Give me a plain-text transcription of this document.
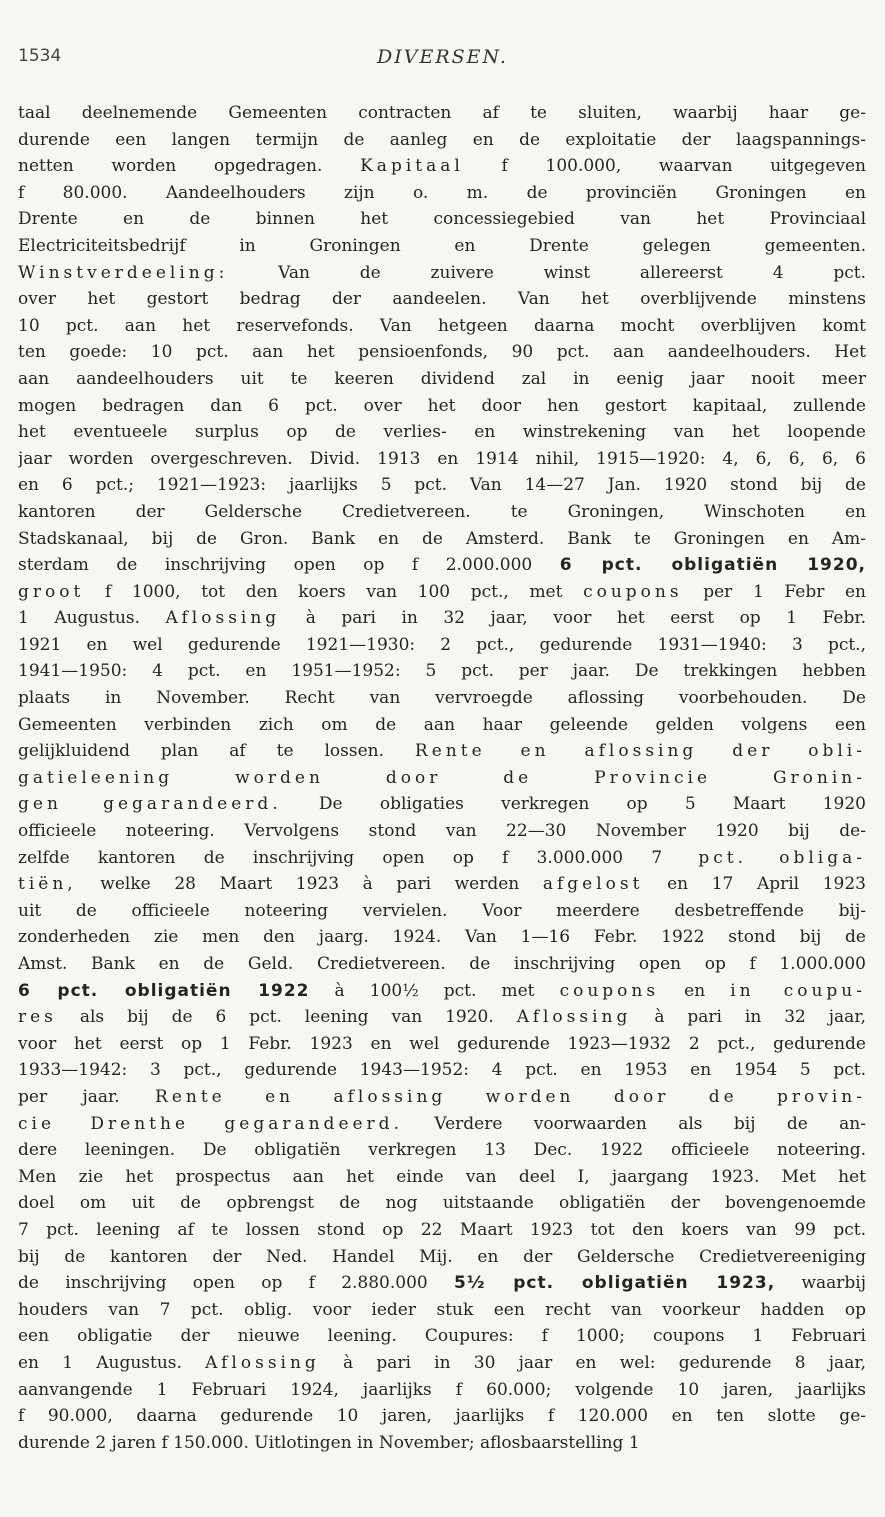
1534	DIVERSEN.
taal deelnemende Gemeenten contracten af te sluiten, waarbij haar ge-
durende een langen termijn de aanleg en de exploitatie der laagspannings-
netten worden opgedragen. Kapitaal f 100.000, waarvan uitgegeven
f 80.000. Aandeelhouders zijn o. m. de provinciën Groningen en
Drente en de binnen het concessiegebied van het Provinciaal
Electriciteitsbedrijf in Groningen en Drente gelegen gemeenten.
Winstverdeeling: Van de zuivere winst allereerst 4 pct.
over het gestort bedrag der aandeelen. Van het overblijvende minstens
10 pct. aan het reservefonds. Van hetgeen daarna mocht overblijven komt
ten goede: 10 pct. aan het pensioenfonds, 90 pct. aan aandeelhouders. Het
aan aandeelhouders uit te keeren dividend zal in eenig jaar nooit meer
mogen bedragen dan 6 pct. over het door hen gestort kapitaal, zullende
het eventueele surplus op de verlies- en winstrekening van het loopende
jaar worden overgeschreven. Divid. 1913 en 1914 nihil, 1915—1920: 4, 6, 6, 6, 6
en 6 pct.; 1921—1923: jaarlijks 5 pct. Van 14—27 Jan. 1920 stond bij de
kantoren der Geldersche Credietvereen. te Groningen, Winschoten en
Stadskanaal, bij de Gron. Bank en de Amsterd. Bank te Groningen en Am-
sterdam de inschrijving open op f 2.000.000 6 pct. obligatiën 1920,
groot f 1000, tot den koers van 100 pct., met coupons per 1 Febr en
1 Augustus. Aflossing à pari in 32 jaar, voor het eerst op 1 Febr.
1921 en wel gedurende 1921—1930: 2 pct., gedurende 1931—1940: 3 pct.,
1941—1950: 4 pct. en 1951—1952: 5 pct. per jaar. De trekkingen hebben
plaats in November. Recht van vervroegde aflossing voorbehouden. De
Gemeenten verbinden zich om de aan haar geleende gelden volgens een
gelijkluidend plan af te lossen. Rente en aflossing der obli-
gatieleening worden door de Provincie Gronin-
gen gegarandeerd. De obligaties verkregen op 5 Maart 1920
officieele noteering. Vervolgens stond van 22—30 November 1920 bij de-
zelfde kantoren de inschrijving open op f 3.000.000 7 pct. obliga-
tiën, welke 28 Maart 1923 à pari werden afgelost en 17 April 1923
uit de officieele noteering vervielen. Voor meerdere desbetreffende bij-
zonderheden zie men den jaarg. 1924. Van 1—16 Febr. 1922 stond bij de
Amst. Bank en de Geld. Credietvereen. de inschrijving open op f 1.000.000
6 pct. obligatiën 1922 à 100½ pct. met coupons en in coupu-
res als bij de 6 pct. leening van 1920. Aflossing à pari in 32 jaar,
voor het eerst op 1 Febr. 1923 en wel gedurende 1923—1932 2 pct., gedurende
1933—1942: 3 pct., gedurende 1943—1952: 4 pct. en 1953 en 1954 5 pct.
per jaar. Rente en aflossing worden door de provin-
cie Drenthe gegarandeerd. Verdere voorwaarden als bij de an-
dere leeningen. De obligatiën verkregen 13 Dec. 1922 officieele noteering.
Men zie het prospectus aan het einde van deel I, jaargang 1923. Met het
doel om uit de opbrengst de nog uitstaande obligatiën der bovengenoemde
7 pct. leening af te lossen stond op 22 Maart 1923 tot den koers van 99 pct.
bij de kantoren der Ned. Handel Mij. en der Geldersche Credietvereeniging
de inschrijving open op f 2.880.000 5½ pct. obligatiën 1923, waarbij
houders van 7 pct. oblig. voor ieder stuk een recht van voorkeur hadden op
een obligatie der nieuwe leening. Coupures: f 1000; coupons 1 Februari
en 1 Augustus. Aflossing à pari in 30 jaar en wel: gedurende 8 jaar,
aanvangende 1 Februari 1924, jaarlijks f 60.000; volgende 10 jaren, jaarlijks
f 90.000, daarna gedurende 10 jaren, jaarlijks f 120.000 en ten slotte ge-
durende 2 jaren f 150.000. Uitlotingen in November; aflosbaarstelling 1
